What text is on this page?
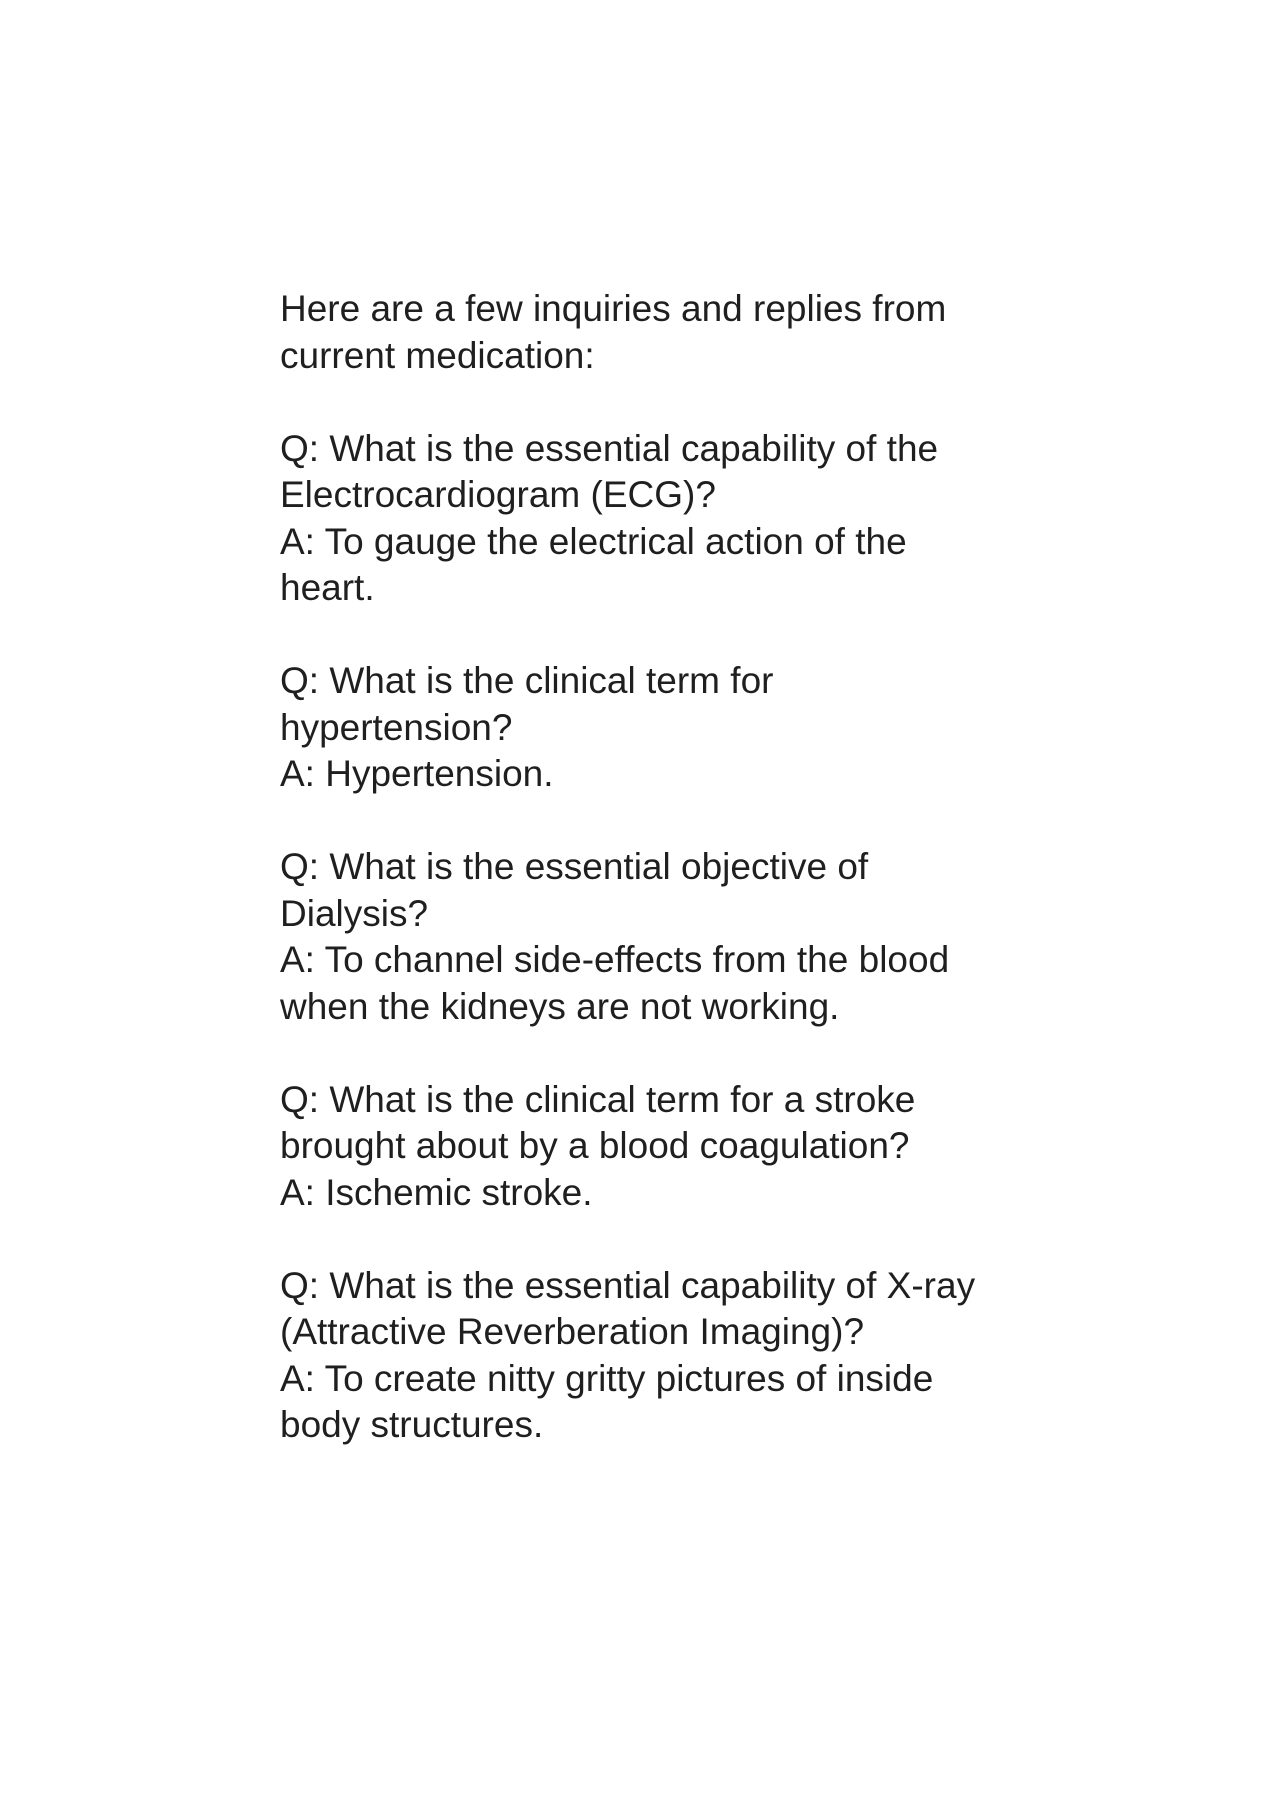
Here are a few inquiries and replies from
current medication:
Q: What is the essential capability of the
Electrocardiogram (ECG)?
A: To gauge the electrical action of the
heart.
Q: What is the clinical term for
hypertension?
A: Hypertension.
Q: What is the essential objective of
Dialysis?
A: To channel side-effects from the blood
when the kidneys are not working.
Q: What is the clinical term for a stroke
brought about by a blood coagulation?
A: Ischemic stroke.
Q: What is the essential capability of X-ray
(Attractive Reverberation Imaging)?
A: To create nitty gritty pictures of inside
body structures.
